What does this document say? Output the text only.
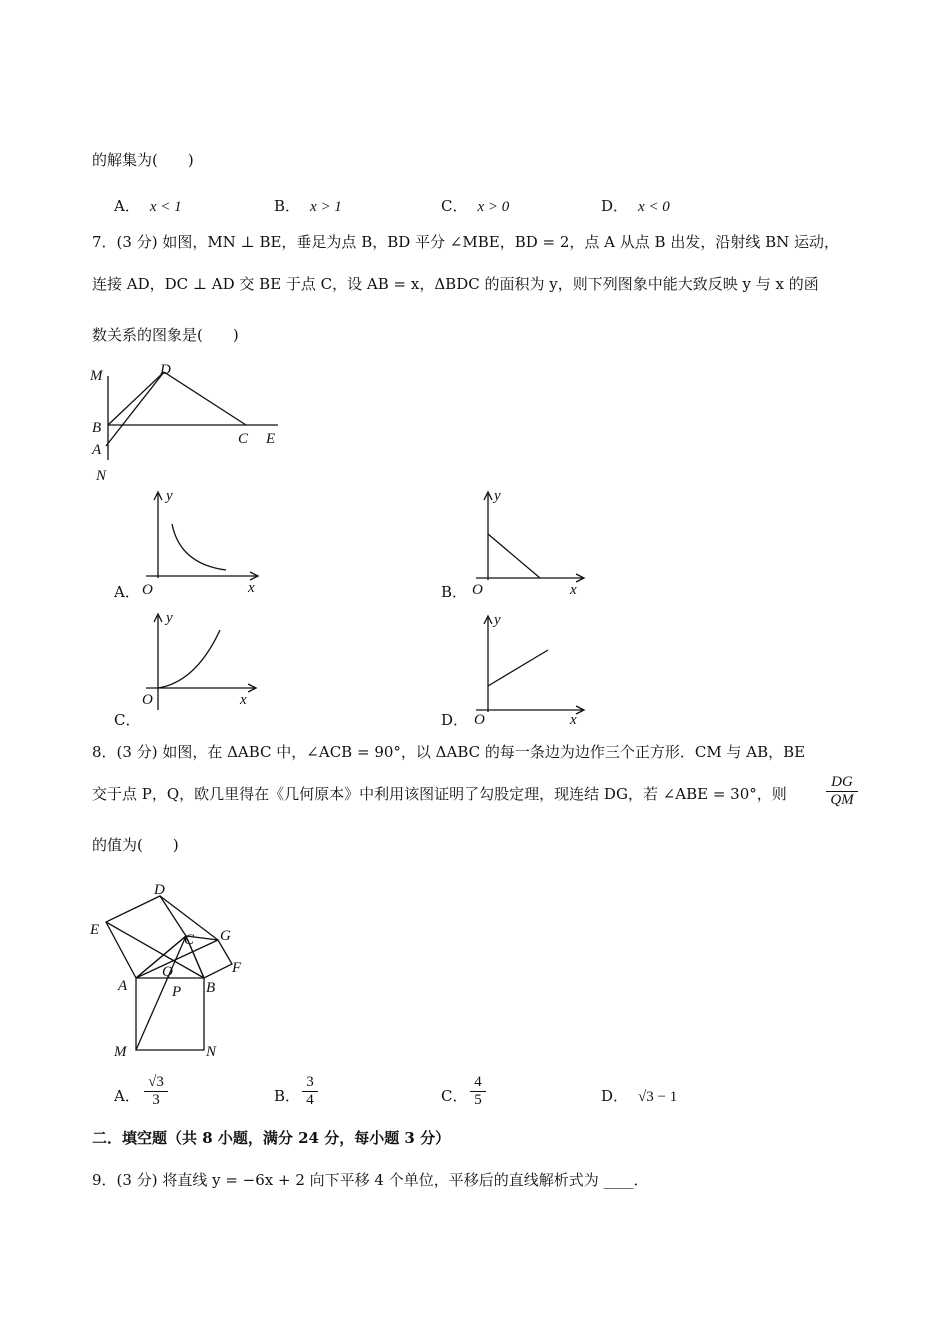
的解集为(　　)
A． x < 1	B． x > 1	C． x > 0	D． x < 0
7．(3 分) 如图，MN ⊥ BE，垂足为点 B，BD 平分 ∠MBE，BD = 2，点 A 从点 B 出发，沿射线 BN 运动，
连接 AD，DC ⊥ AD 交 BE 于点 C，设 AB = x，ΔBDC 的面积为 y，则下列图象中能大致反映 y 与 x 的函
数关系的图象是(　　)
M	D
B
A
N
C E
y
O	x
A．
y
O	x
B．
y
O	x
C．
y
O	x
D．
8．(3 分) 如图，在 ΔABC 中，∠ACB = 90°，以 ΔABC 的每一条边为边作三个正方形．CM 与 AB，BE
交于点 P，Q，欧几里得在《几何原本》中利用该图证明了勾股定理，现连结 DG，若 ∠ABE = 30°，则	$\frac{DG}{QM}$
的值为(　　)
D
E
C G
F
Q
A	P B
M	N
A． $\frac{√3}{3}$	B． $\frac{3}{4}$	C． $\frac{4}{5}$	D． √3 − 1
二．填空题（共 8 小题，满分 24 分，每小题 3 分）
9．(3 分) 将直线 y = −6x + 2 向下平移 4 个单位，平移后的直线解析式为 ____．
